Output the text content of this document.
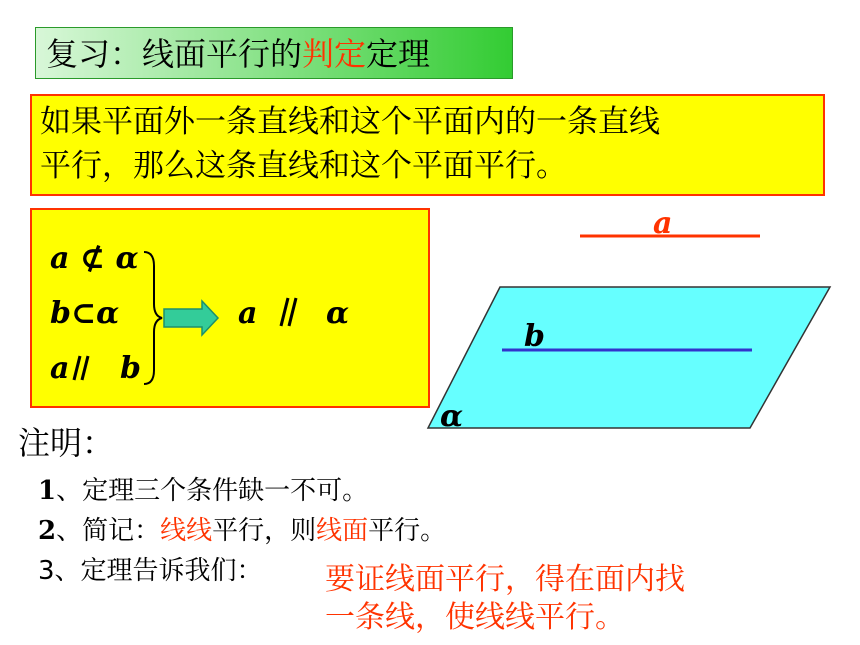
复习：线面平行的判定定理
如果平面外一条直线和这个平面内的一条直线
平行，那么这条直线和这个平面平行。
a ⊄ α
b⊂α
a b
a α
a
b
α
注明：
1、定理三个条件缺一不可。
2、简记：线线平行，则线面平行。
3、定理告诉我们： 要证线面平行，得在面内找
一条线，使线线平行。
